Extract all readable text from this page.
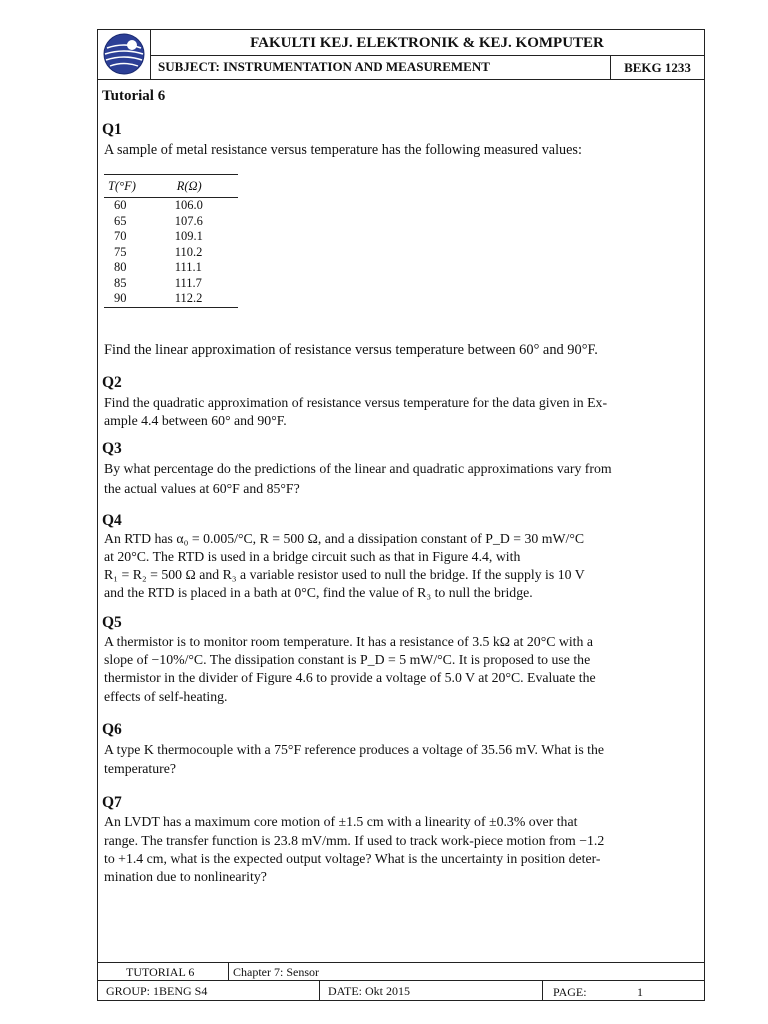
FAKULTI KEJ. ELEKTRONIK & KEJ. KOMPUTER
SUBJECT: INSTRUMENTATION AND MEASUREMENT	BEKG 1233
Tutorial 6
Q1
A sample of metal resistance versus temperature has the following measured values:
T(°F)	R(Ω)
60	106.0
65	107.6
70	109.1
75	110.2
80	111.1
85	111.7
90	112.2
Find the linear approximation of resistance versus temperature between 60° and 90°F.
Q2
Find the quadratic approximation of resistance versus temperature for the data given in Ex-
ample 4.4 between 60° and 90°F.
Q3
By what percentage do the predictions of the linear and quadratic approximations vary from
the actual values at 60°F and 85°F?
Q4
An RTD has α₀ = 0.005/°C, R = 500 Ω, and a dissipation constant of P_D = 30 mW/°C
at 20°C. The RTD is used in a bridge circuit such as that in Figure 4.4, with
R₁ = R₂ = 500 Ω and R₃ a variable resistor used to null the bridge. If the supply is 10 V
and the RTD is placed in a bath at 0°C, find the value of R₃ to null the bridge.
Q5
A thermistor is to monitor room temperature. It has a resistance of 3.5 kΩ at 20°C with a
slope of −10%/°C. The dissipation constant is P_D = 5 mW/°C. It is proposed to use the
thermistor in the divider of Figure 4.6 to provide a voltage of 5.0 V at 20°C. Evaluate the
effects of self-heating.
Q6
A type K thermocouple with a 75°F reference produces a voltage of 35.56 mV. What is the
temperature?
Q7
An LVDT has a maximum core motion of ±1.5 cm with a linearity of ±0.3% over that
range. The transfer function is 23.8 mV/mm. If used to track work-piece motion from −1.2
to +1.4 cm, what is the expected output voltage? What is the uncertainty in position deter-
mination due to nonlinearity?
TUTORIAL 6	Chapter 7: Sensor
GROUP: 1BENG S4	DATE: Okt 2015	PAGE:	1
